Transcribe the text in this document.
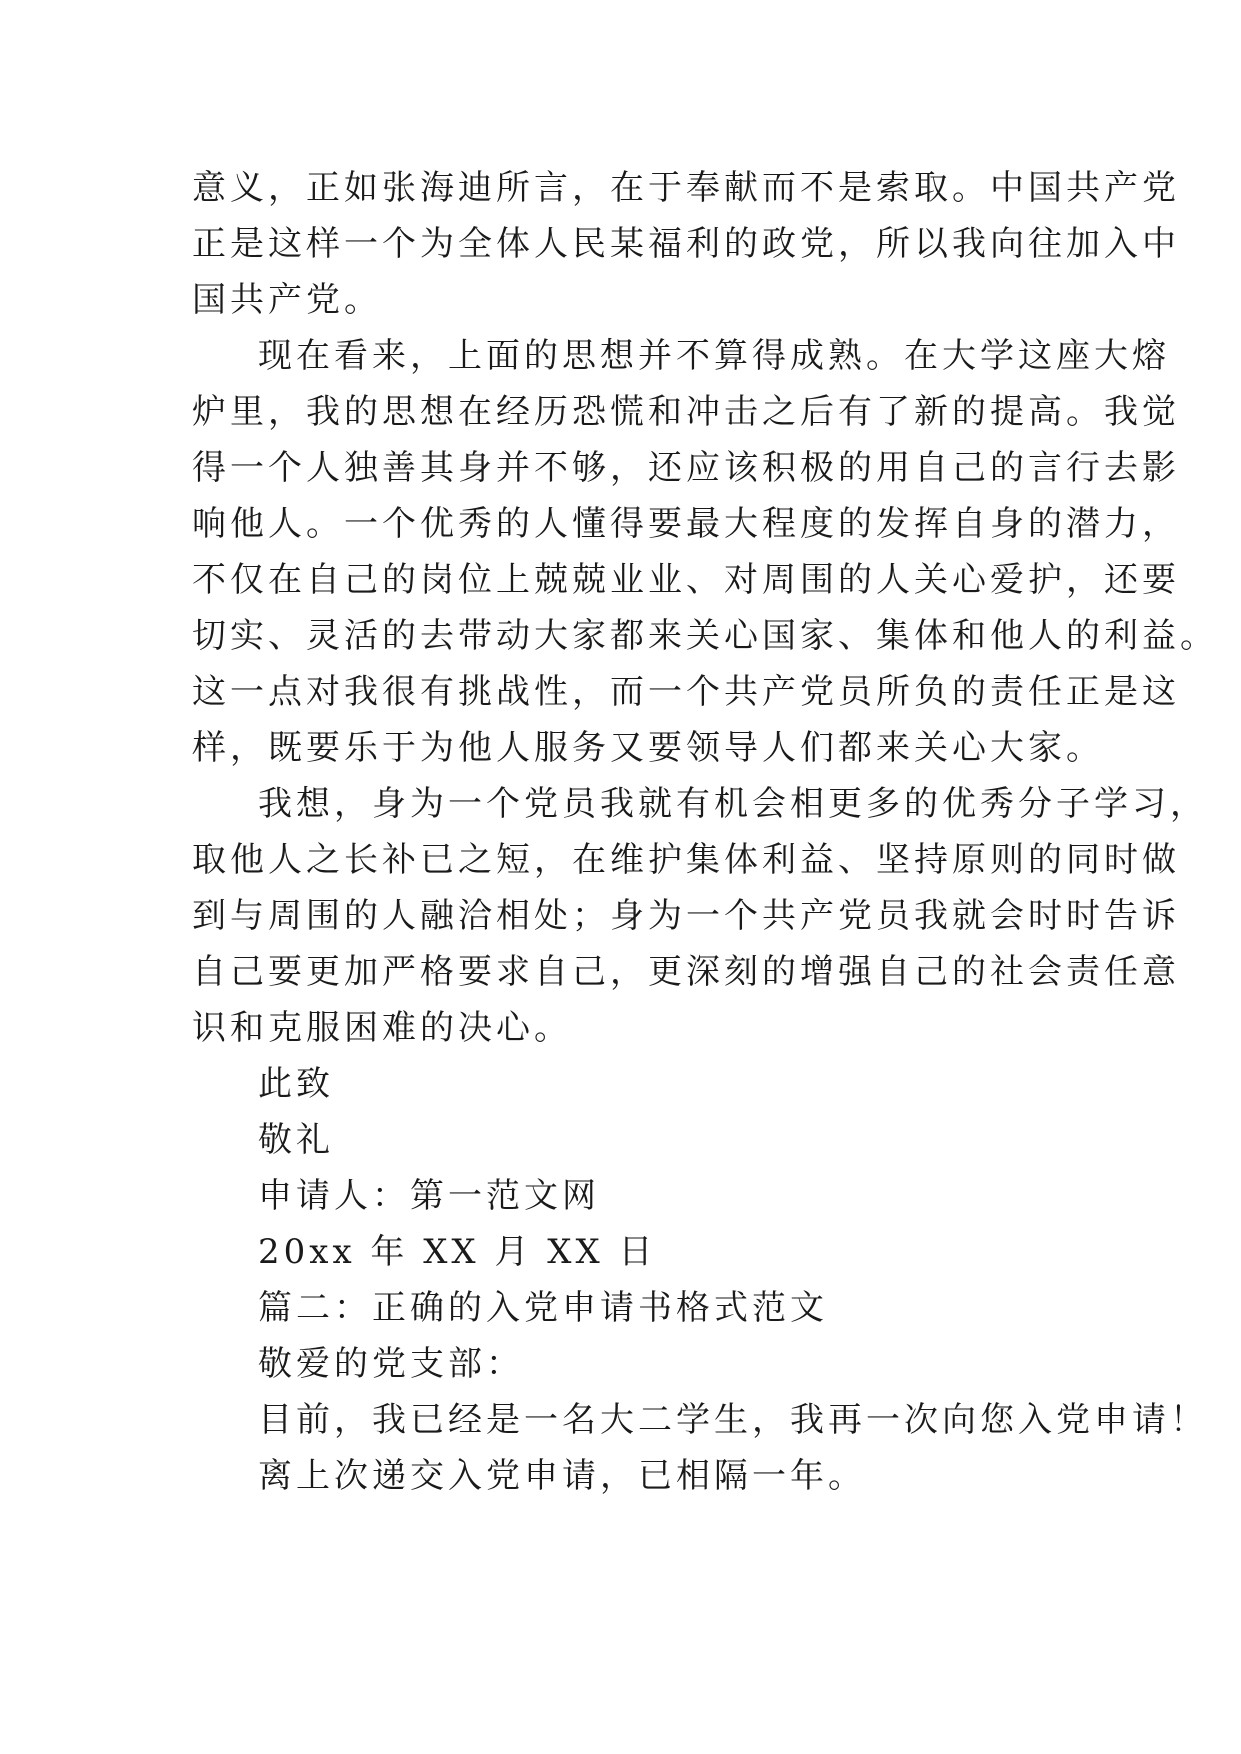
意义，正如张海迪所言，在于奉献而不是索取。中国共产党
正是这样一个为全体人民某福利的政党，所以我向往加入中
国共产党。
现在看来，上面的思想并不算得成熟。在大学这座大熔
炉里，我的思想在经历恐慌和冲击之后有了新的提高。我觉
得一个人独善其身并不够，还应该积极的用自己的言行去影
响他人。一个优秀的人懂得要最大程度的发挥自身的潜力，
不仅在自己的岗位上兢兢业业、对周围的人关心爱护，还要
切实、灵活的去带动大家都来关心国家、集体和他人的利益。
这一点对我很有挑战性，而一个共产党员所负的责任正是这
样，既要乐于为他人服务又要领导人们都来关心大家。
我想，身为一个党员我就有机会相更多的优秀分子学习，
取他人之长补已之短，在维护集体利益、坚持原则的同时做
到与周围的人融洽相处；身为一个共产党员我就会时时告诉
自己要更加严格要求自己，更深刻的增强自己的社会责任意
识和克服困难的决心。
此致
敬礼
申请人：第一范文网
20xx 年 XX 月 XX 日
篇二：正确的入党申请书格式范文
敬爱的党支部：
目前，我已经是一名大二学生，我再一次向您入党申请！
离上次递交入党申请，已相隔一年。
